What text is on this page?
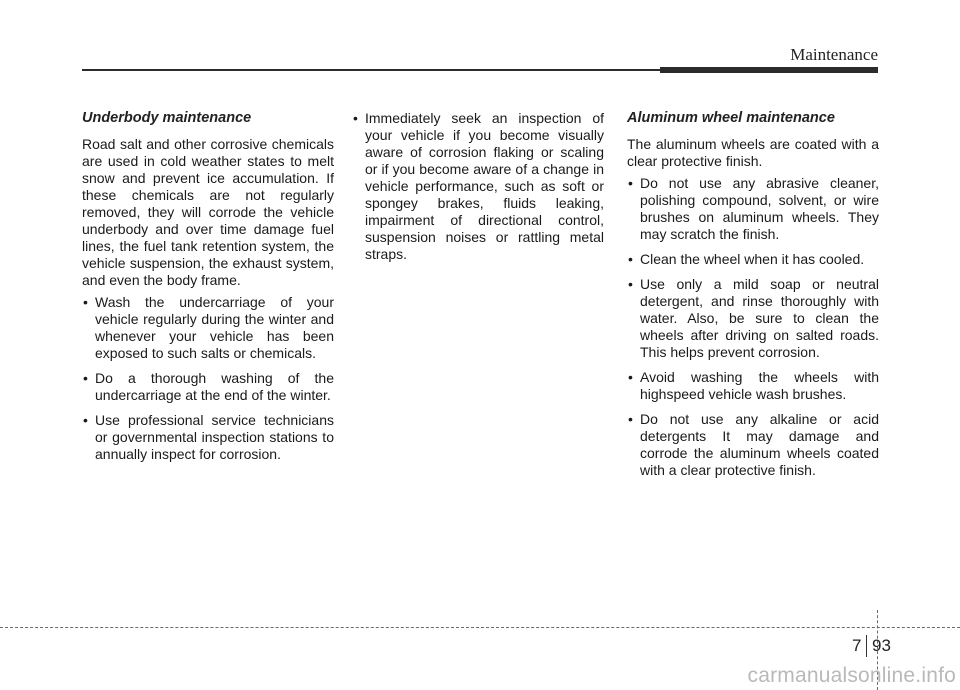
Maintenance
Underbody maintenance

Road salt and other corrosive chemicals are used in cold weather states to melt snow and prevent ice accumulation. If these chemicals are not regularly removed, they will corrode the vehicle underbody and over time damage fuel lines, the fuel tank retention system, the vehicle suspension, the exhaust system, and even the body frame.

• Wash the undercarriage of your vehicle regularly during the winter and whenever your vehicle has been exposed to such salts or chemicals.
• Do a thorough washing of the undercarriage at the end of the winter.
• Use professional service technicians or governmental inspection stations to annually inspect for corrosion.
• Immediately seek an inspection of your vehicle if you become visually aware of corrosion flaking or scaling or if you become aware of a change in vehicle performance, such as soft or spongey brakes, fluids leaking, impairment of directional control, suspension noises or rattling metal straps.
Aluminum wheel maintenance

The aluminum wheels are coated with a clear protective finish.

• Do not use any abrasive cleaner, polishing compound, solvent, or wire brushes on aluminum wheels. They may scratch the finish.
• Clean the wheel when it has cooled.
• Use only a mild soap or neutral detergent, and rinse thoroughly with water. Also, be sure to clean the wheels after driving on salted roads. This helps prevent corrosion.
• Avoid washing the wheels with highspeed vehicle wash brushes.
• Do not use any alkaline or acid detergents It may damage and corrode the aluminum wheels coated with a clear protective finish.
7 93
carmanualsonline.info
